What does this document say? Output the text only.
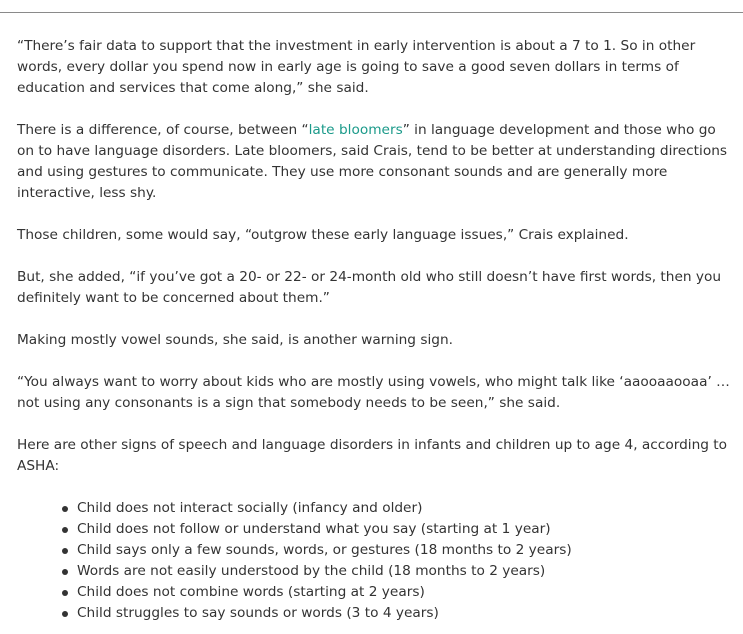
“There’s fair data to support that the investment in early intervention is about a 7 to 1. So in other words, every dollar you spend now in early age is going to save a good seven dollars in terms of education and services that come along,” she said.

There is a difference, of course, between “late bloomers” in language development and those who go on to have language disorders. Late bloomers, said Crais, tend to be better at understanding directions and using gestures to communicate. They use more consonant sounds and are generally more interactive, less shy.

Those children, some would say, “outgrow these early language issues,” Crais explained.

But, she added, “if you’ve got a 20- or 22- or 24-month old who still doesn’t have first words, then you definitely want to be concerned about them.”

Making mostly vowel sounds, she said, is another warning sign.

“You always want to worry about kids who are mostly using vowels, who might talk like ‘aaooaaooaa’ …not using any consonants is a sign that somebody needs to be seen,” she said.

Here are other signs of speech and language disorders in infants and children up to age 4, according to ASHA:

Child does not interact socially (infancy and older)
Child does not follow or understand what you say (starting at 1 year)
Child says only a few sounds, words, or gestures (18 months to 2 years)
Words are not easily understood by the child (18 months to 2 years)
Child does not combine words (starting at 2 years)
Child struggles to say sounds or words (3 to 4 years)
